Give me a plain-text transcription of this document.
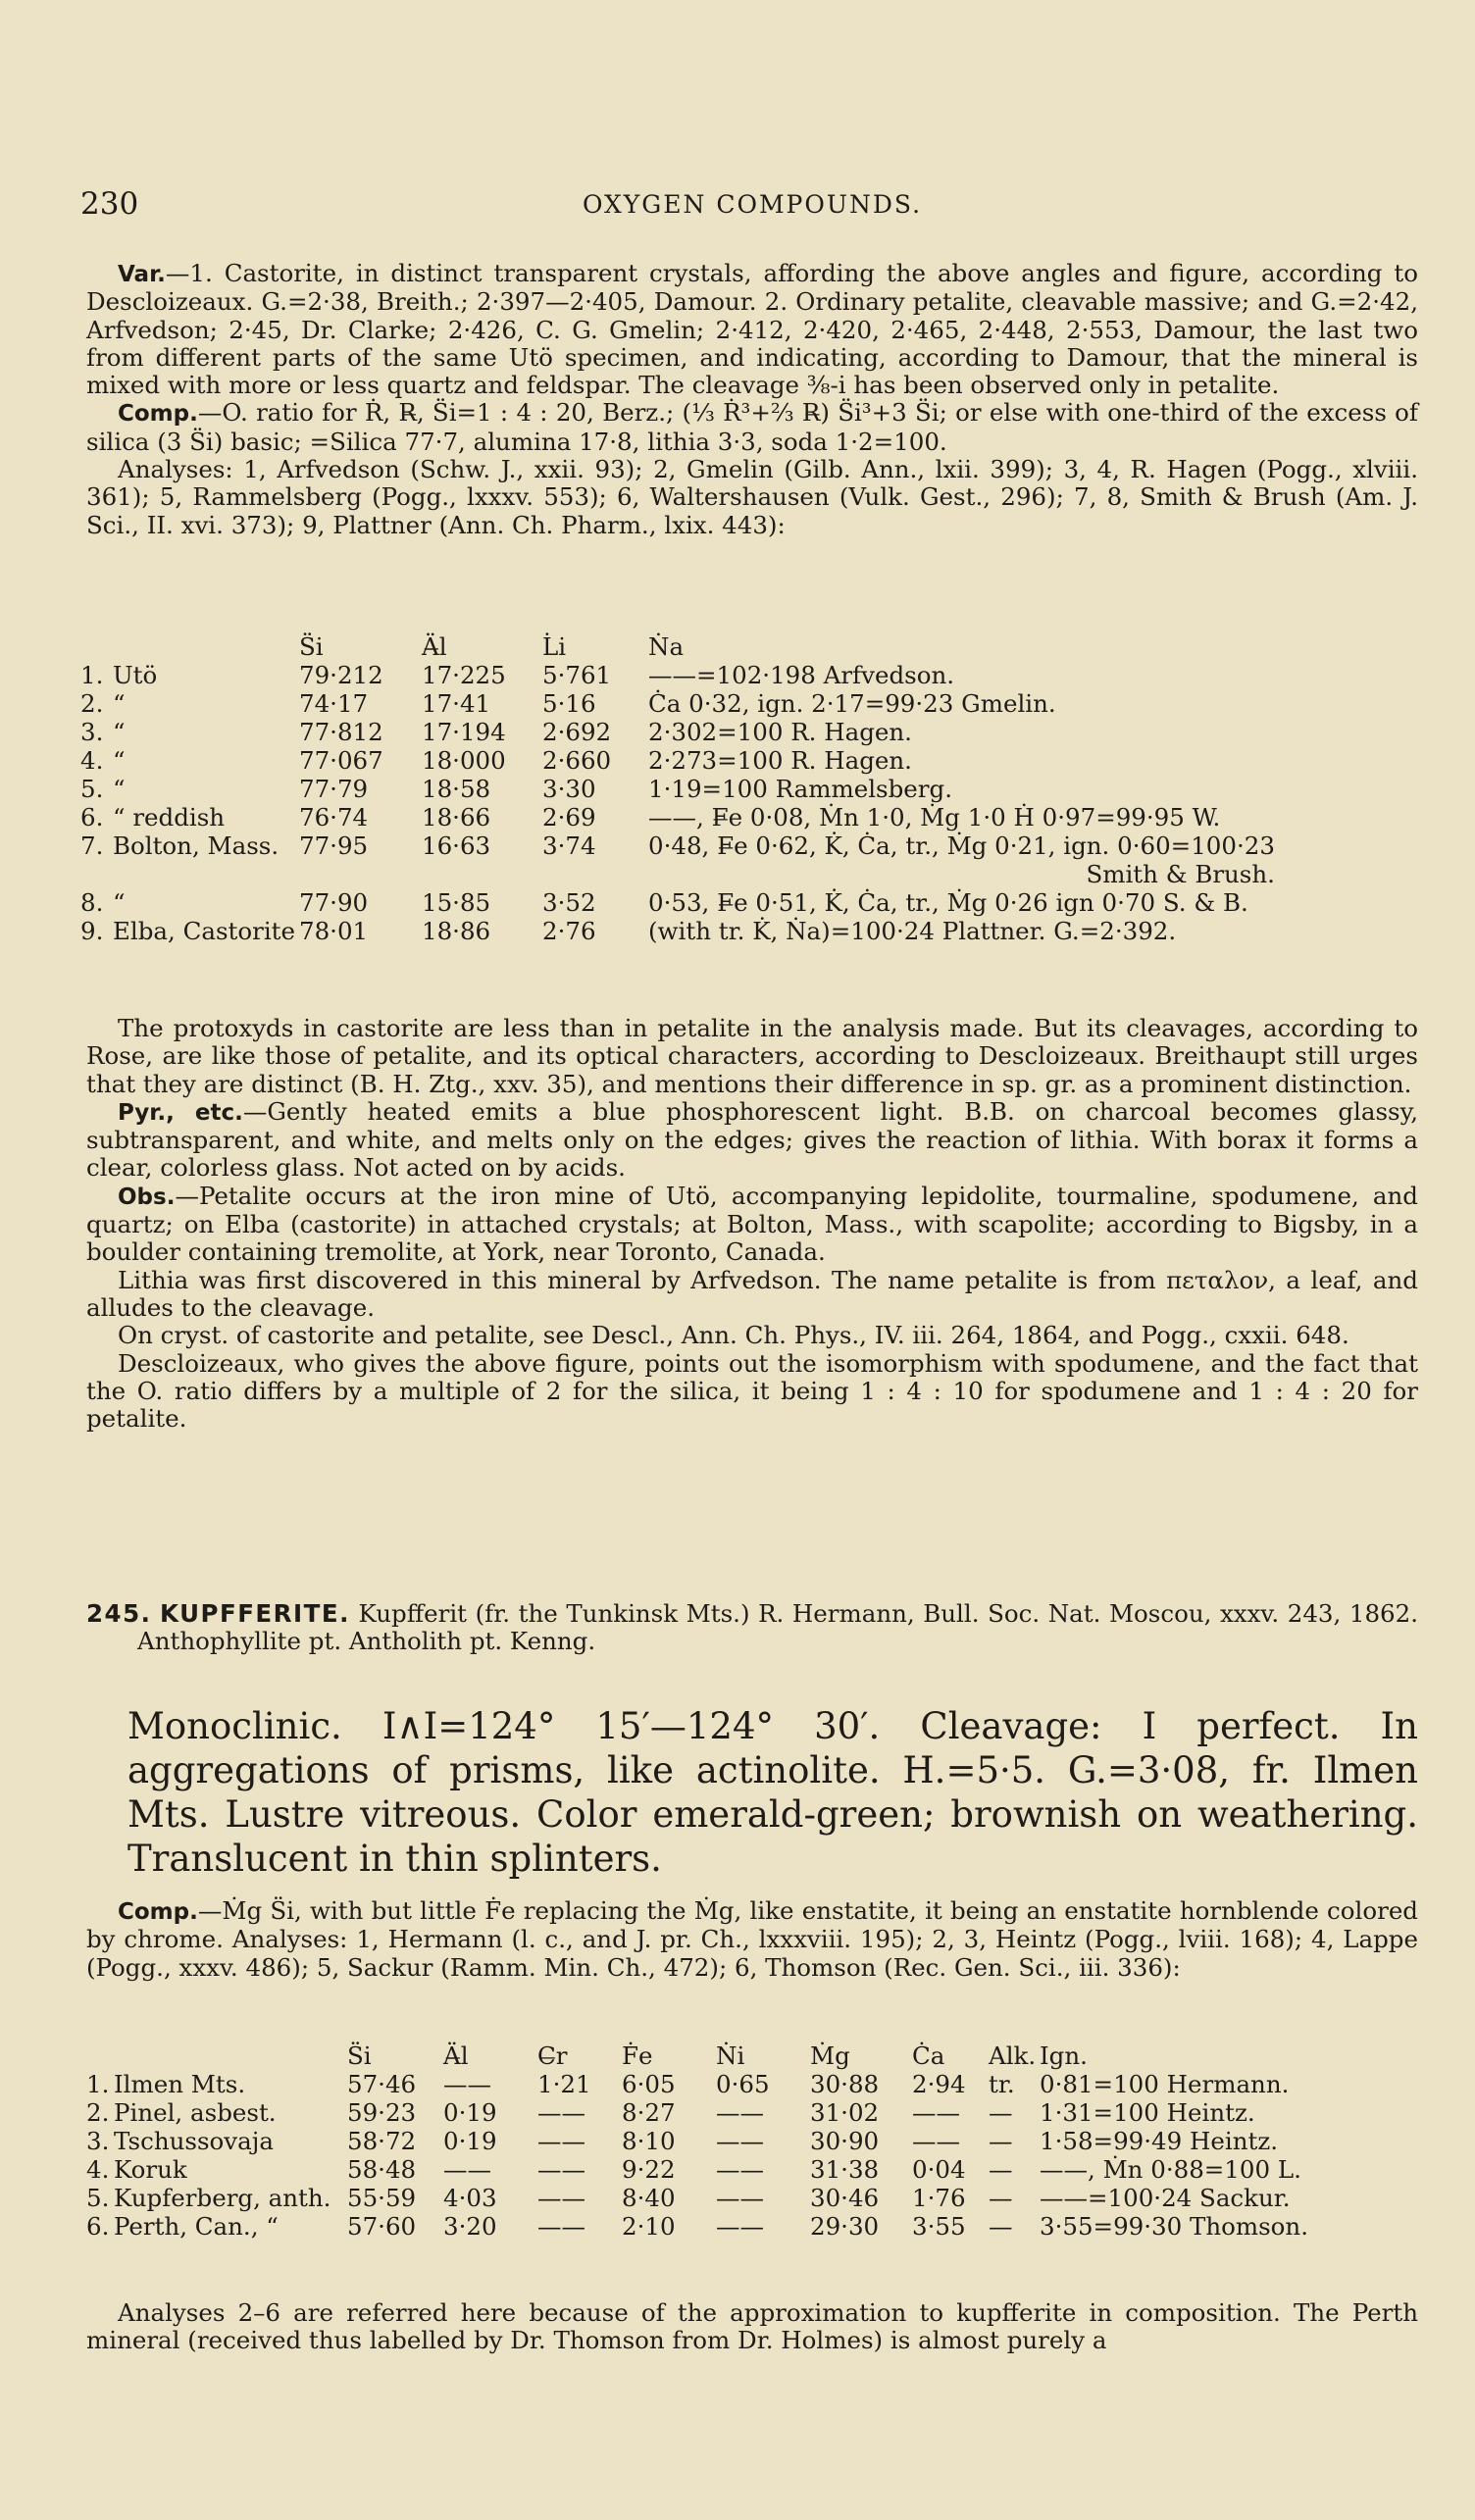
230	OXYGEN COMPOUNDS.

Var.—1. Castorite, in distinct transparent crystals, affording the above angles and figure, according to Descloizeaux. G.=2·38, Breith.; 2·397—2·405, Damour. 2. Ordinary petalite, cleavable massive; and G.=2·42, Arfvedson; 2·45, Dr. Clarke; 2·426, C. G. Gmelin; 2·412, 2·420, 2·465, 2·448, 2·553, Damour, the last two from different parts of the same Utö specimen, and indicating, according to Damour, that the mineral is mixed with more or less quartz and feldspar. The cleavage ⅜-i has been observed only in petalite.

Comp.—O. ratio for Ṙ, R̶, S̈i=1 : 4 : 20, Berz.; (⅓ Ṙ³+⅔ R̶) S̈i³+3 S̈i; or else with one-third of the excess of silica (3 S̈i) basic; =Silica 77·7, alumina 17·8, lithia 3·3, soda 1·2=100.

Analyses: 1, Arfvedson (Schw. J., xxii. 93); 2, Gmelin (Gilb. Ann., lxii. 399); 3, 4, R. Hagen (Pogg., xlviii. 361); 5, Rammelsberg (Pogg., lxxxv. 553); 6, Waltershausen (Vulk. Gest., 296); 7, 8, Smith & Brush (Am. J. Sci., II. xvi. 373); 9, Plattner (Ann. Ch. Pharm., lxix. 443):

		S̈i	Ä̶l	L̇i	Ṅa
1.	Utö	79·212	17·225	5·761	——=102·198 Arfvedson.
2.	“	74·17	17·41	5·16	Ċa 0·32, ign. 2·17=99·23 Gmelin.
3.	“	77·812	17·194	2·692	2·302=100 R. Hagen.
4.	“	77·067	18·000	2·660	2·273=100 R. Hagen.
5.	“	77·79	18·58	3·30	1·19=100 Rammelsberg.
6.	“ reddish	76·74	18·66	2·69	——, F̶e 0·08, Ṁn 1·0, Ṁg 1·0 Ḣ 0·97=99·95 W.
7.	Bolton, Mass.	77·95	16·63	3·74	0·48, F̶e 0·62, K̇, Ċa, tr., Ṁg 0·21, ign. 0·60=100·23
					Smith & Brush.
8.	“	77·90	15·85	3·52	0·53, F̶e 0·51, K̇, Ċa, tr., Ṁg 0·26 ign 0·70 S. & B.
9.	Elba, Castorite	78·01	18·86	2·76	(with tr. K̇, Ṅa)=100·24 Plattner. G.=2·392.

The protoxyds in castorite are less than in petalite in the analysis made. But its cleavages, according to Rose, are like those of petalite, and its optical characters, according to Descloizeaux. Breithaupt still urges that they are distinct (B. H. Ztg., xxv. 35), and mentions their difference in sp. gr. as a prominent distinction.

Pyr., etc.—Gently heated emits a blue phosphorescent light. B.B. on charcoal becomes glassy, subtransparent, and white, and melts only on the edges; gives the reaction of lithia. With borax it forms a clear, colorless glass. Not acted on by acids.

Obs.—Petalite occurs at the iron mine of Utö, accompanying lepidolite, tourmaline, spodumene, and quartz; on Elba (castorite) in attached crystals; at Bolton, Mass., with scapolite; according to Bigsby, in a boulder containing tremolite, at York, near Toronto, Canada.

Lithia was first discovered in this mineral by Arfvedson. The name petalite is from πεταλον, a leaf, and alludes to the cleavage.

On cryst. of castorite and petalite, see Descl., Ann. Ch. Phys., IV. iii. 264, 1864, and Pogg., cxxii. 648.

Descloizeaux, who gives the above figure, points out the isomorphism with spodumene, and the fact that the O. ratio differs by a multiple of 2 for the silica, it being 1 : 4 : 10 for spodumene and 1 : 4 : 20 for petalite.

245. KUPFFERITE. Kupfferit (fr. the Tunkinsk Mts.) R. Hermann, Bull. Soc. Nat. Moscou, xxxv. 243, 1862. Anthophyllite pt. Antholith pt. Kenng.

Monoclinic. I∧I=124° 15′—124° 30′. Cleavage: I perfect. In aggregations of prisms, like actinolite. H.=5·5. G.=3·08, fr. Ilmen Mts. Lustre vitreous. Color emerald-green; brownish on weathering. Translucent in thin splinters.

Comp.—Ṁg S̈i, with but little Ḟe replacing the Ṁg, like enstatite, it being an enstatite hornblende colored by chrome. Analyses: 1, Hermann (l. c., and J. pr. Ch., lxxxviii. 195); 2, 3, Heintz (Pogg., lviii. 168); 4, Lappe (Pogg., xxxv. 486); 5, Sackur (Ramm. Min. Ch., 472); 6, Thomson (Rec. Gen. Sci., iii. 336):

		S̈i	Ä̶l	C̶r	Ḟe	Ṅi	Ṁg	Ċa	Alk.	Ign.
1.	Ilmen Mts.	57·46	——	1·21	6·05	0·65	30·88	2·94	tr.	0·81=100 Hermann.
2.	Pinel, asbest.	59·23	0·19	——	8·27	——	31·02	——	—	1·31=100 Heintz.
3.	Tschussovaja	58·72	0·19	——	8·10	——	30·90	——	—	1·58=99·49 Heintz.
4.	Koruk	58·48	——	——	9·22	——	31·38	0·04	—	——, Ṁn 0·88=100 L.
5.	Kupferberg, anth.	55·59	4·03	——	8·40	——	30·46	1·76	—	——=100·24 Sackur.
6.	Perth, Can., “	57·60	3·20	——	2·10	——	29·30	3·55	—	3·55=99·30 Thomson.

Analyses 2–6 are referred here because of the approximation to kupfferite in composition. The Perth mineral (received thus labelled by Dr. Thomson from Dr. Holmes) is almost purely a
